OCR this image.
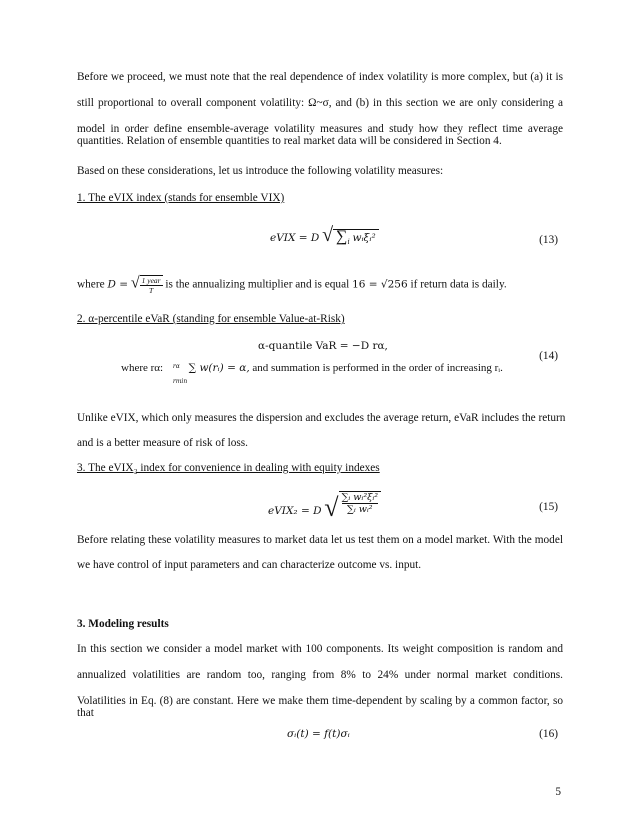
Before we proceed, we must note that the real dependence of index volatility is more complex, but (a) it is
still proportional to overall component volatility: Ω~σ, and (b) in this section we are only considering a
model in order define ensemble-average volatility measures and study how they reflect time average
quantities. Relation of ensemble quantities to real market data will be considered in Section 4.
Based on these considerations, let us introduce the following volatility measures:
1. The eVIX index (stands for ensemble VIX)
eVIX = D √ $\sum_i$ wᵢξᵢ²	(13)
where D = √ $\frac{\text{1 year}}{T}$ is the annualizing multiplier and is equal 16 = √256 if return data is daily.
2. α-percentile eVaR (standing for ensemble Value-at-Risk)
α-quantile VaR = −D rα,
where rα: rα
rmin
∑ w(rᵢ) = α, and summation is performed in the order of increasing rᵢ.
(14)
Unlike eVIX, which only measures the dispersion and excludes the average return, eVaR includes the return
and is a better measure of risk of loss.
3. The eVIX₂ index for convenience in dealing with equity indexes
eVIX₂ = D √ $\frac{\text{∑ᵢ wᵢ²ξᵢ²}}{\text{∑ᵢ wᵢ²}}$	(15)
Before relating these volatility measures to market data let us test them on a model market. With the model
we have control of input parameters and can characterize outcome vs. input.
3. Modeling results
In this section we consider a model market with 100 components. Its weight composition is random and
annualized volatilities are random too, ranging from 8% to 24% under normal market conditions.
Volatilities in Eq. (8) are constant. Here we make them time-dependent by scaling by a common factor, so
that
σᵢ(t) = f(t)σᵢ	(16)
5
